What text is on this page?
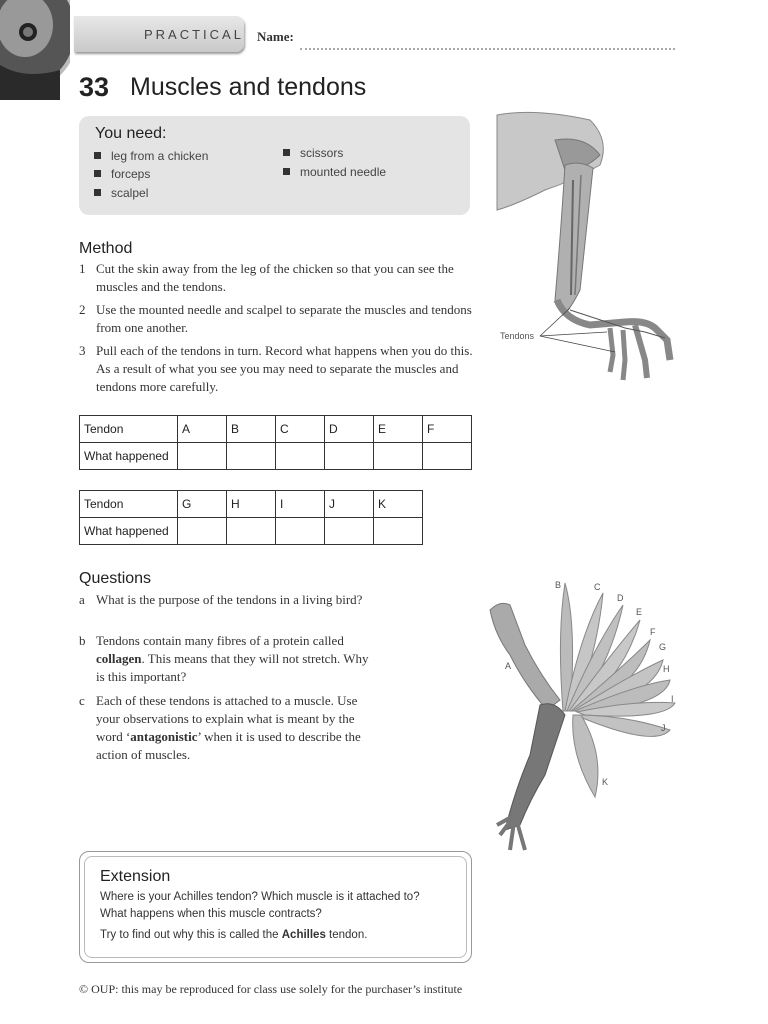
PRACTICAL Name:
33 Muscles and tendons
You need:
leg from a chicken
forceps
scalpel
scissors
mounted needle
Method
1 Cut the skin away from the leg of the chicken so that you can see the muscles and the tendons.
2 Use the mounted needle and scalpel to separate the muscles and tendons from one another.
3 Pull each of the tendons in turn. Record what happens when you do this. As a result of what you see you may need to separate the muscles and tendons more carefully.
Tendon	A	B	C	D	E	F
What happened						
Tendon	G	H	I	J	K
What happened					
Questions
a What is the purpose of the tendons in a living bird?
b Tendons contain many fibres of a protein called collagen. This means that they will not stretch. Why is this important?
c Each of these tendons is attached to a muscle. Use your observations to explain what is meant by the word ‘antagonistic’ when it is used to describe the action of muscles.
Extension
Where is your Achilles tendon? Which muscle is it attached to?
What happens when this muscle contracts?
Try to find out why this is called the Achilles tendon.
© OUP: this may be reproduced for class use solely for the purchaser’s institute
Tendons
A
B	C
D
E
F
G
H
I
J
K
